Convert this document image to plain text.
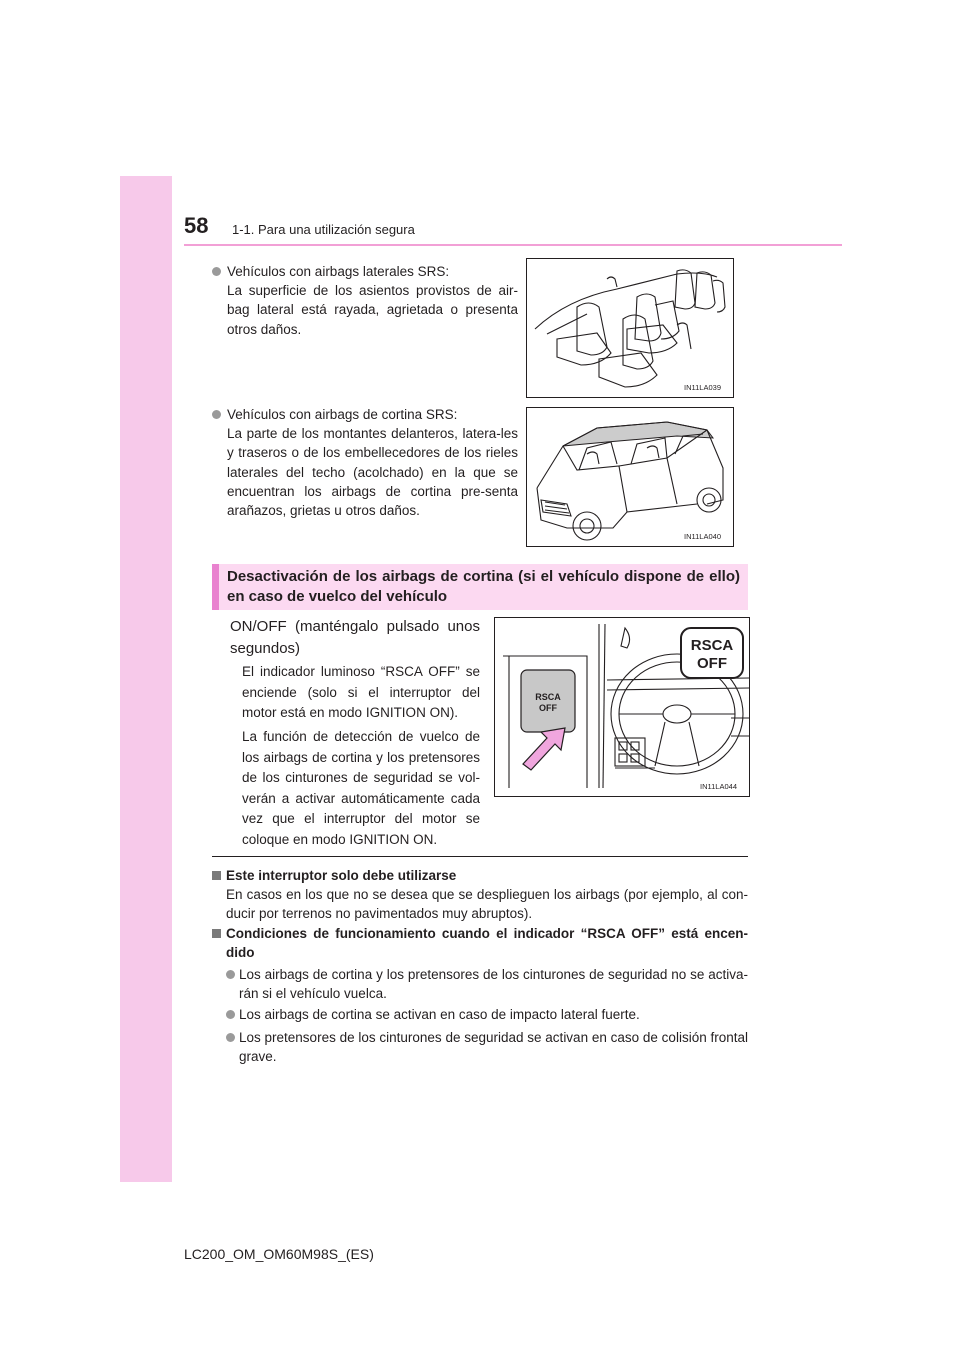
58 1-1. Para una utilización segura
Vehículos con airbags laterales SRS:
La superficie de los asientos provistos de air-bag lateral está rayada, agrietada o presenta otros daños.
IN11LA039
Vehículos con airbags de cortina SRS:
La parte de los montantes delanteros, latera-les y traseros o de los embellecedores de los rieles laterales del techo (acolchado) en la que se encuentran los airbags de cortina pre-senta arañazos, grietas u otros daños.
IN11LA040
Desactivación de los airbags de cortina (si el vehículo dispone de ello) en caso de vuelco del vehículo
ON/OFF (manténgalo pulsado unos segundos)
El indicador luminoso “RSCA OFF” se enciende (solo si el interruptor del motor está en modo IGNITION ON).
La función de detección de vuelco de los airbags de cortina y los pretensores de los cinturones de seguridad se vol-verán a activar automáticamente cada vez que el interruptor del motor se coloque en modo IGNITION ON.
RSCA
OFF
RSCA
OFF
IN11LA044
Este interruptor solo debe utilizarse
En casos en los que no se desea que se desplieguen los airbags (por ejemplo, al con-ducir por terrenos no pavimentados muy abruptos).
Condiciones de funcionamiento cuando el indicador “RSCA OFF” está encen-dido
Los airbags de cortina y los pretensores de los cinturones de seguridad no se activa-rán si el vehículo vuelca.
Los airbags de cortina se activan en caso de impacto lateral fuerte.
Los pretensores de los cinturones de seguridad se activan en caso de colisión frontal grave.
LC200_OM_OM60M98S_(ES)
